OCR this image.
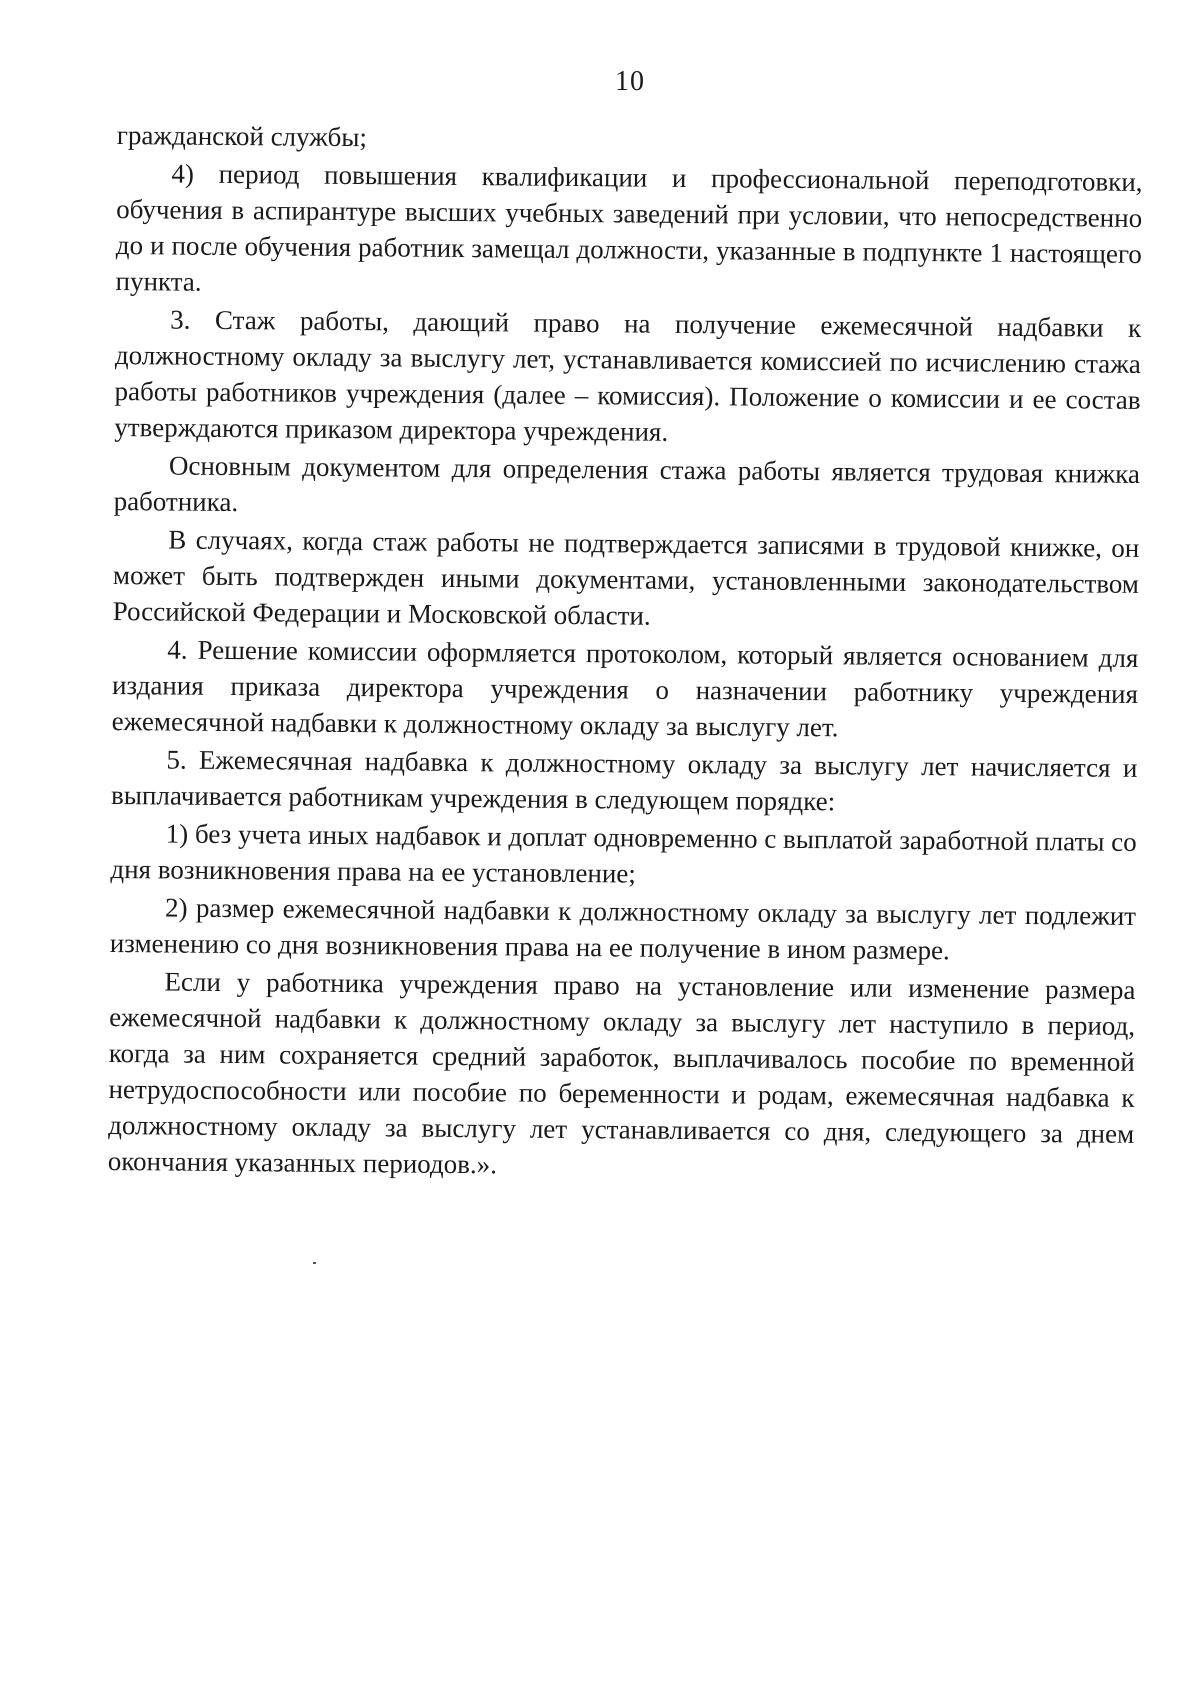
10

гражданской службы;

4) период повышения квалификации и профессиональной переподготовки, обучения в аспирантуре высших учебных заведений при условии, что непосредственно до и после обучения работник замещал должности, указанные в подпункте 1 настоящего пункта.

3. Стаж работы, дающий право на получение ежемесячной надбавки к должностному окладу за выслугу лет, устанавливается комиссией по исчислению стажа работы работников учреждения (далее – комиссия). Положение о комиссии и ее состав утверждаются приказом директора учреждения.

Основным документом для определения стажа работы является трудовая книжка работника.

В случаях, когда стаж работы не подтверждается записями в трудовой книжке, он может быть подтвержден иными документами, установленными законодательством Российской Федерации и Московской области.

4. Решение комиссии оформляется протоколом, который является основанием для издания приказа директора учреждения о назначении работнику учреждения ежемесячной надбавки к должностному окладу за выслугу лет.

5. Ежемесячная надбавка к должностному окладу за выслугу лет начисляется и выплачивается работникам учреждения в следующем порядке:

1) без учета иных надбавок и доплат одновременно с выплатой заработной платы со дня возникновения права на ее установление;

2) размер ежемесячной надбавки к должностному окладу за выслугу лет подлежит изменению со дня возникновения права на ее получение в ином размере.

Если у работника учреждения право на установление или изменение размера ежемесячной надбавки к должностному окладу за выслугу лет наступило в период, когда за ним сохраняется средний заработок, выплачивалось пособие по временной нетрудоспособности или пособие по беременности и родам, ежемесячная надбавка к должностному окладу за выслугу лет устанавливается со дня, следующего за днем окончания указанных периодов.».
